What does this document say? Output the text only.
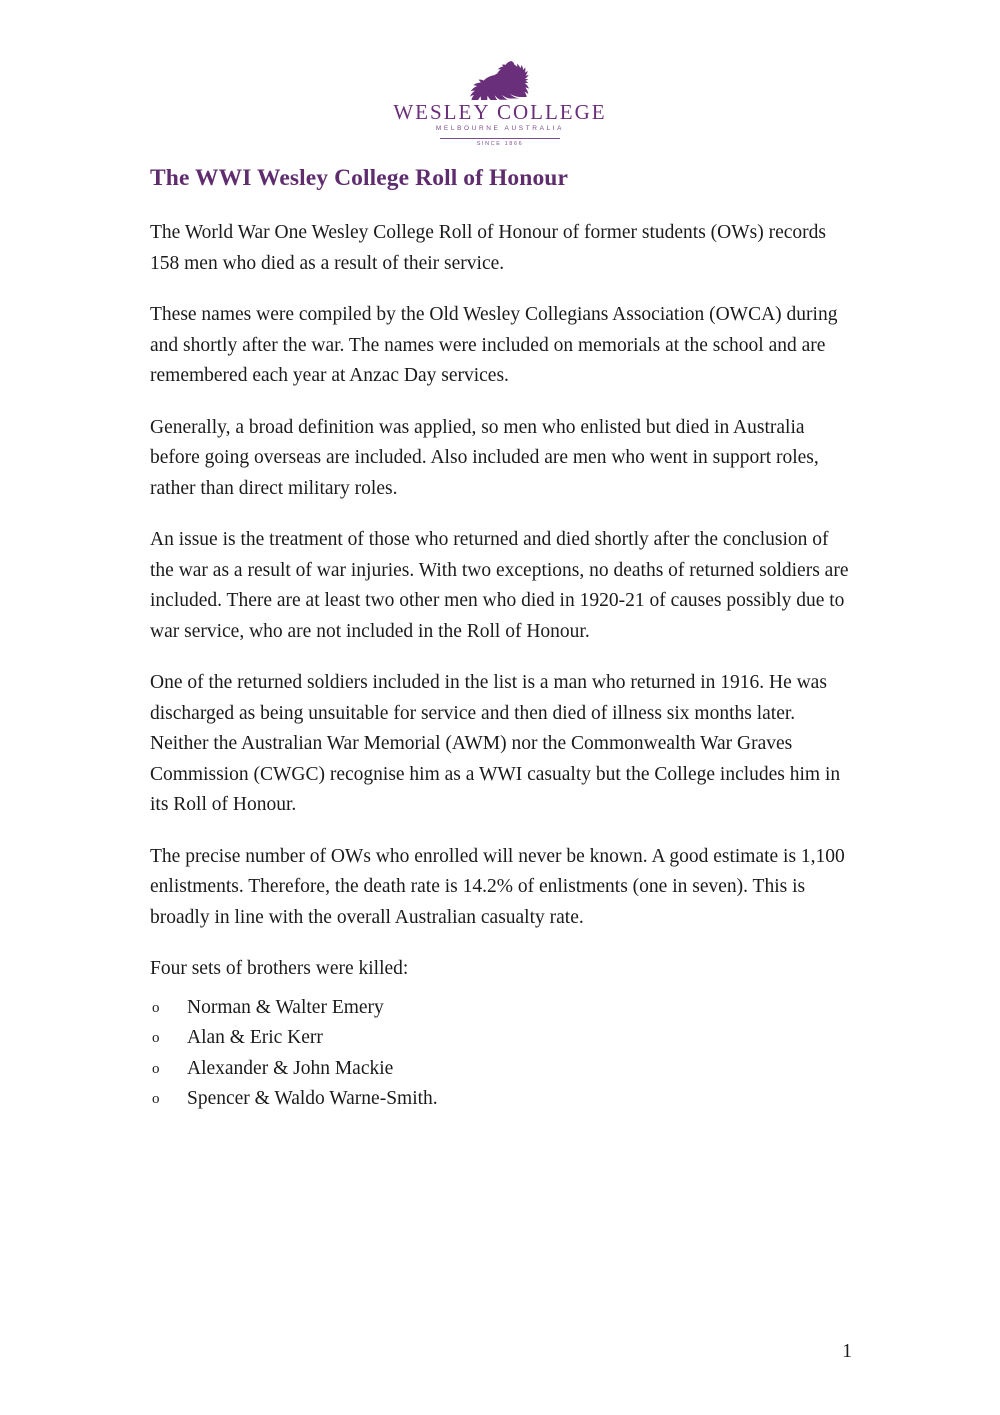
WESLEY COLLEGE
MELBOURNE AUSTRALIA
SINCE 1866
The WWI Wesley College Roll of Honour

The World War One Wesley College Roll of Honour of former students (OWs) records 158 men who died as a result of their service.

These names were compiled by the Old Wesley Collegians Association (OWCA) during and shortly after the war. The names were included on memorials at the school and are remembered each year at Anzac Day services.

Generally, a broad definition was applied, so men who enlisted but died in Australia before going overseas are included. Also included are men who went in support roles, rather than direct military roles.

An issue is the treatment of those who returned and died shortly after the conclusion of the war as a result of war injuries. With two exceptions, no deaths of returned soldiers are included. There are at least two other men who died in 1920-21 of causes possibly due to war service, who are not included in the Roll of Honour.

One of the returned soldiers included in the list is a man who returned in 1916. He was discharged as being unsuitable for service and then died of illness six months later. Neither the Australian War Memorial (AWM) nor the Commonwealth War Graves Commission (CWGC) recognise him as a WWI casualty but the College includes him in its Roll of Honour.

The precise number of OWs who enrolled will never be known. A good estimate is 1,100 enlistments. Therefore, the death rate is 14.2% of enlistments (one in seven). This is broadly in line with the overall Australian casualty rate.

Four sets of brothers were killed:

o Norman & Walter Emery
o Alan & Eric Kerr
o Alexander & John Mackie
o Spencer & Waldo Warne-Smith.
1
